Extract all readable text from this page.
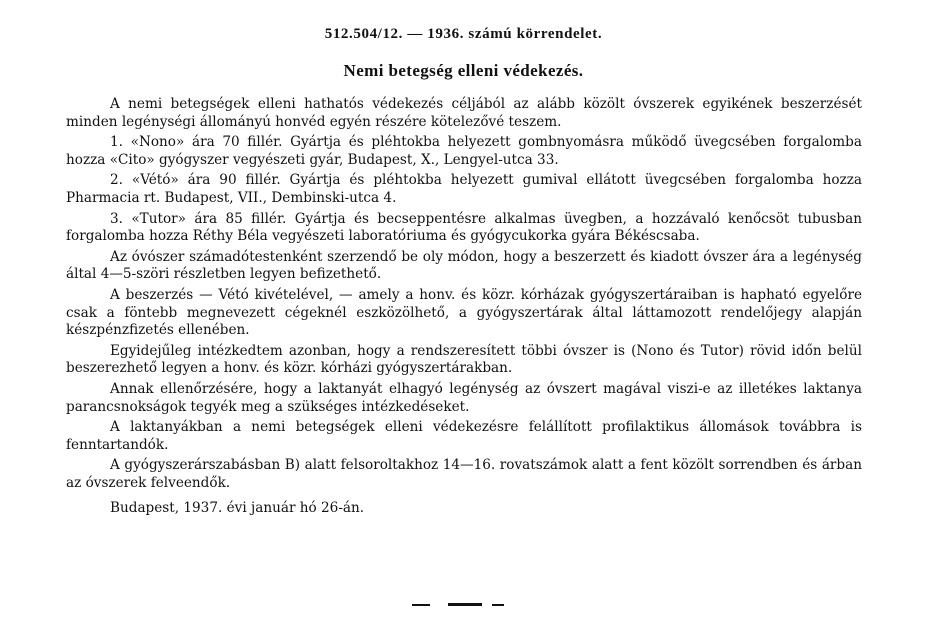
512.504/12. — 1936. számú körrendelet.
Nemi betegség elleni védekezés.

A nemi betegségek elleni hathatós védekezés céljából az alább közölt óvszerek egyikének beszerzését minden legénységi állományú honvéd egyén részére kötelezővé teszem.

1. «Nono» ára 70 fillér. Gyártja és pléhtokba helyezett gombnyomásra működő üvegcsében forgalomba hozza «Cito» gyógyszer vegyészeti gyár, Budapest, X., Lengyel-utca 33.

2. «Vétó» ára 90 fillér. Gyártja és pléhtokba helyezett gumival ellátott üvegcsében forgalomba hozza Pharmacia rt. Budapest, VII., Dembinski-utca 4.

3. «Tutor» ára 85 fillér. Gyártja és becseppentésre alkalmas üvegben, a hozzávaló kenőcsöt tubusban forgalomba hozza Réthy Béla vegyészeti laboratóriuma és gyógycukorka gyára Békéscsaba.

Az óvószer számadótestenként szerzendő be oly módon, hogy a beszerzett és kiadott óvszer ára a legénység által 4—5-szöri részletben legyen befizethető.

A beszerzés — Vétó kivételével, — amely a honv. és közr. kórházak gyógyszertáraiban is hapható egyelőre csak a föntebb megnevezett cégeknél eszközölhető, a gyógyszertárak által láttamozott rendelőjegy alapján készpénzfizetés ellenében.

Egyidejűleg intézkedtem azonban, hogy a rendszeresített többi óvszer is (Nono és Tutor) rövid időn belül beszerezhető legyen a honv. és közr. kórházi gyógyszertárakban.

Annak ellenőrzésére, hogy a laktanyát elhagyó legénység az óvszert magával viszi-e az illetékes laktanya parancsnokságok tegyék meg a szükséges intézkedéseket.

A laktanyákban a nemi betegségek elleni védekezésre felállított profilaktikus állomások továbbra is fenntartandók.

A gyógyszerárszabásban B) alatt felsoroltakhoz 14—16. rovatszámok alatt a fent közölt sorrendben és árban az óvszerek felveendők.

Budapest, 1937. évi január hó 26-án.
